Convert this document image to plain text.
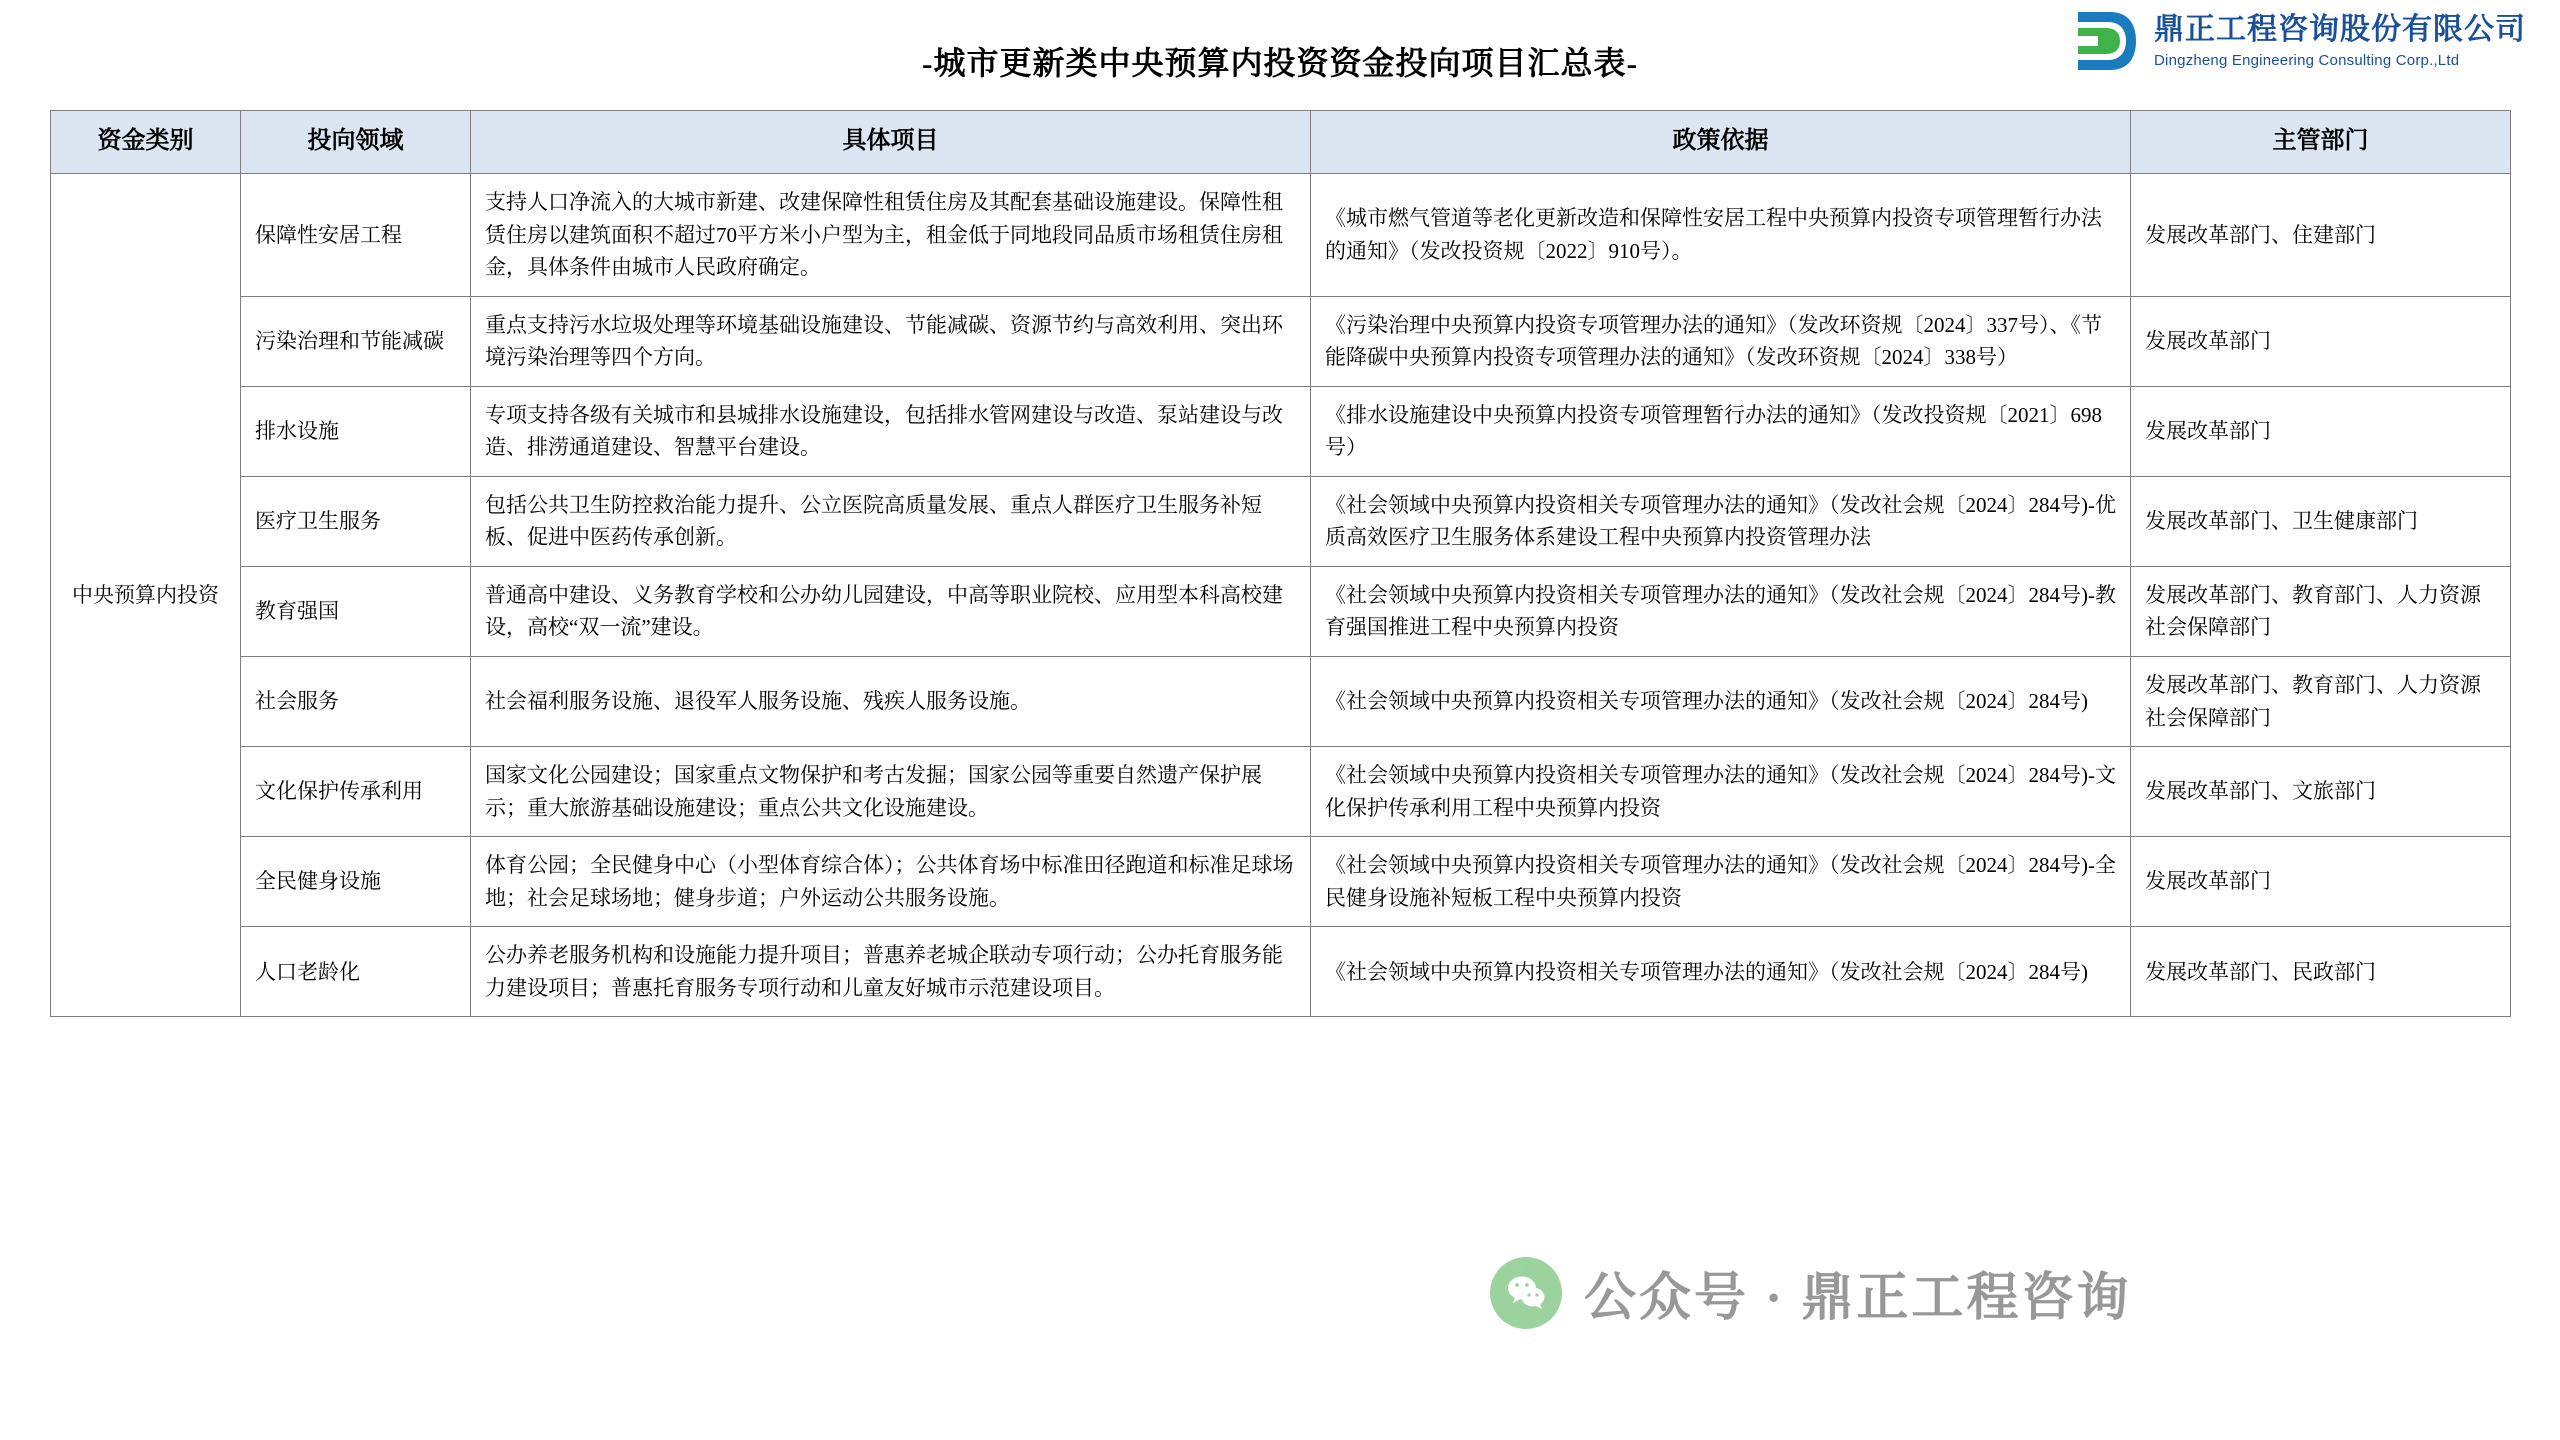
-城市更新类中央预算内投资资金投向项目汇总表-
鼎正工程咨询股份有限公司
Dingzheng Engineering Consulting Corp.,Ltd
资金类别	投向领域	具体项目	政策依据	主管部门
中央预算内投资	保障性安居工程	支持人口净流入的大城市新建、改建保障性租赁住房及其配套基础设施建设。保障性租赁住房以建筑面积不超过70平方米小户型为主，租金低于同地段同品质市场租赁住房租金，具体条件由城市人民政府确定。	《城市燃气管道等老化更新改造和保障性安居工程中央预算内投资专项管理暂行办法的通知》（发改投资规〔2022〕910号）。	发展改革部门、住建部门
	污染治理和节能减碳	重点支持污水垃圾处理等环境基础设施建设、节能减碳、资源节约与高效利用、突出环境污染治理等四个方向。	《污染治理中央预算内投资专项管理办法的通知》（发改环资规〔2024〕337号）、《节能降碳中央预算内投资专项管理办法的通知》（发改环资规〔2024〕338号）	发展改革部门
	排水设施	专项支持各级有关城市和县城排水设施建设，包括排水管网建设与改造、泵站建设与改造、排涝通道建设、智慧平台建设。	《排水设施建设中央预算内投资专项管理暂行办法的通知》（发改投资规〔2021〕698号）	发展改革部门
	医疗卫生服务	包括公共卫生防控救治能力提升、公立医院高质量发展、重点人群医疗卫生服务补短板、促进中医药传承创新。	《社会领域中央预算内投资相关专项管理办法的通知》（发改社会规〔2024〕284号)-优质高效医疗卫生服务体系建设工程中央预算内投资管理办法	发展改革部门、卫生健康部门
	教育强国	普通高中建设、义务教育学校和公办幼儿园建设，中高等职业院校、应用型本科高校建设，高校“双一流”建设。	《社会领域中央预算内投资相关专项管理办法的通知》（发改社会规〔2024〕284号)-教育强国推进工程中央预算内投资	发展改革部门、教育部门、人力资源社会保障部门
	社会服务	社会福利服务设施、退役军人服务设施、残疾人服务设施。	《社会领域中央预算内投资相关专项管理办法的通知》（发改社会规〔2024〕284号)	发展改革部门、教育部门、人力资源社会保障部门
	文化保护传承利用	国家文化公园建设；国家重点文物保护和考古发掘；国家公园等重要自然遗产保护展示；重大旅游基础设施建设；重点公共文化设施建设。	《社会领域中央预算内投资相关专项管理办法的通知》（发改社会规〔2024〕284号)-文化保护传承利用工程中央预算内投资	发展改革部门、文旅部门
	全民健身设施	体育公园；全民健身中心（小型体育综合体）；公共体育场中标准田径跑道和标准足球场地；社会足球场地；健身步道；户外运动公共服务设施。	《社会领域中央预算内投资相关专项管理办法的通知》（发改社会规〔2024〕284号)-全民健身设施补短板工程中央预算内投资	发展改革部门
	人口老龄化	公办养老服务机构和设施能力提升项目；普惠养老城企联动专项行动；公办托育服务能力建设项目；普惠托育服务专项行动和儿童友好城市示范建设项目。	《社会领域中央预算内投资相关专项管理办法的通知》（发改社会规〔2024〕284号)	发展改革部门、民政部门
公众号 · 鼎正工程咨询
